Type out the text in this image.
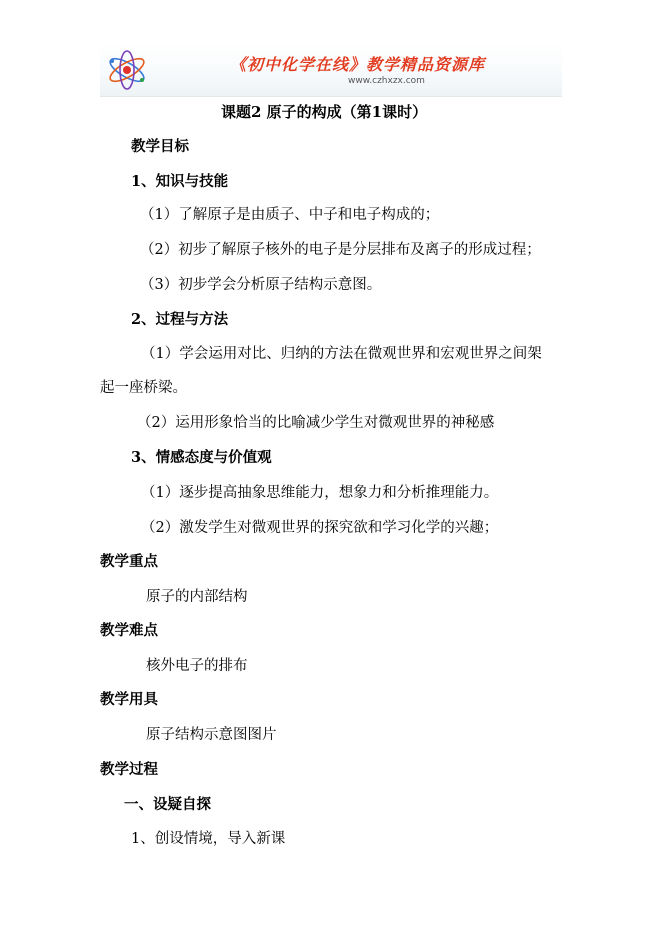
《初中化学在线》教学精品资源库
www.czhxzx.com
课题2 原子的构成（第1课时）
教学目标
1、知识与技能
（1）了解原子是由质子、中子和电子构成的；
（2）初步了解原子核外的电子是分层排布及离子的形成过程；
（3）初步学会分析原子结构示意图。
2、过程与方法
（1）学会运用对比、归纳的方法在微观世界和宏观世界之间架
起一座桥梁。
（2）运用形象恰当的比喻减少学生对微观世界的神秘感
3、情感态度与价值观
（1）逐步提高抽象思维能力，想象力和分析推理能力。
（2）激发学生对微观世界的探究欲和学习化学的兴趣；
教学重点
原子的内部结构
教学难点
核外电子的排布
教学用具
原子结构示意图图片
教学过程
一、设疑自探
1、创设情境，导入新课
